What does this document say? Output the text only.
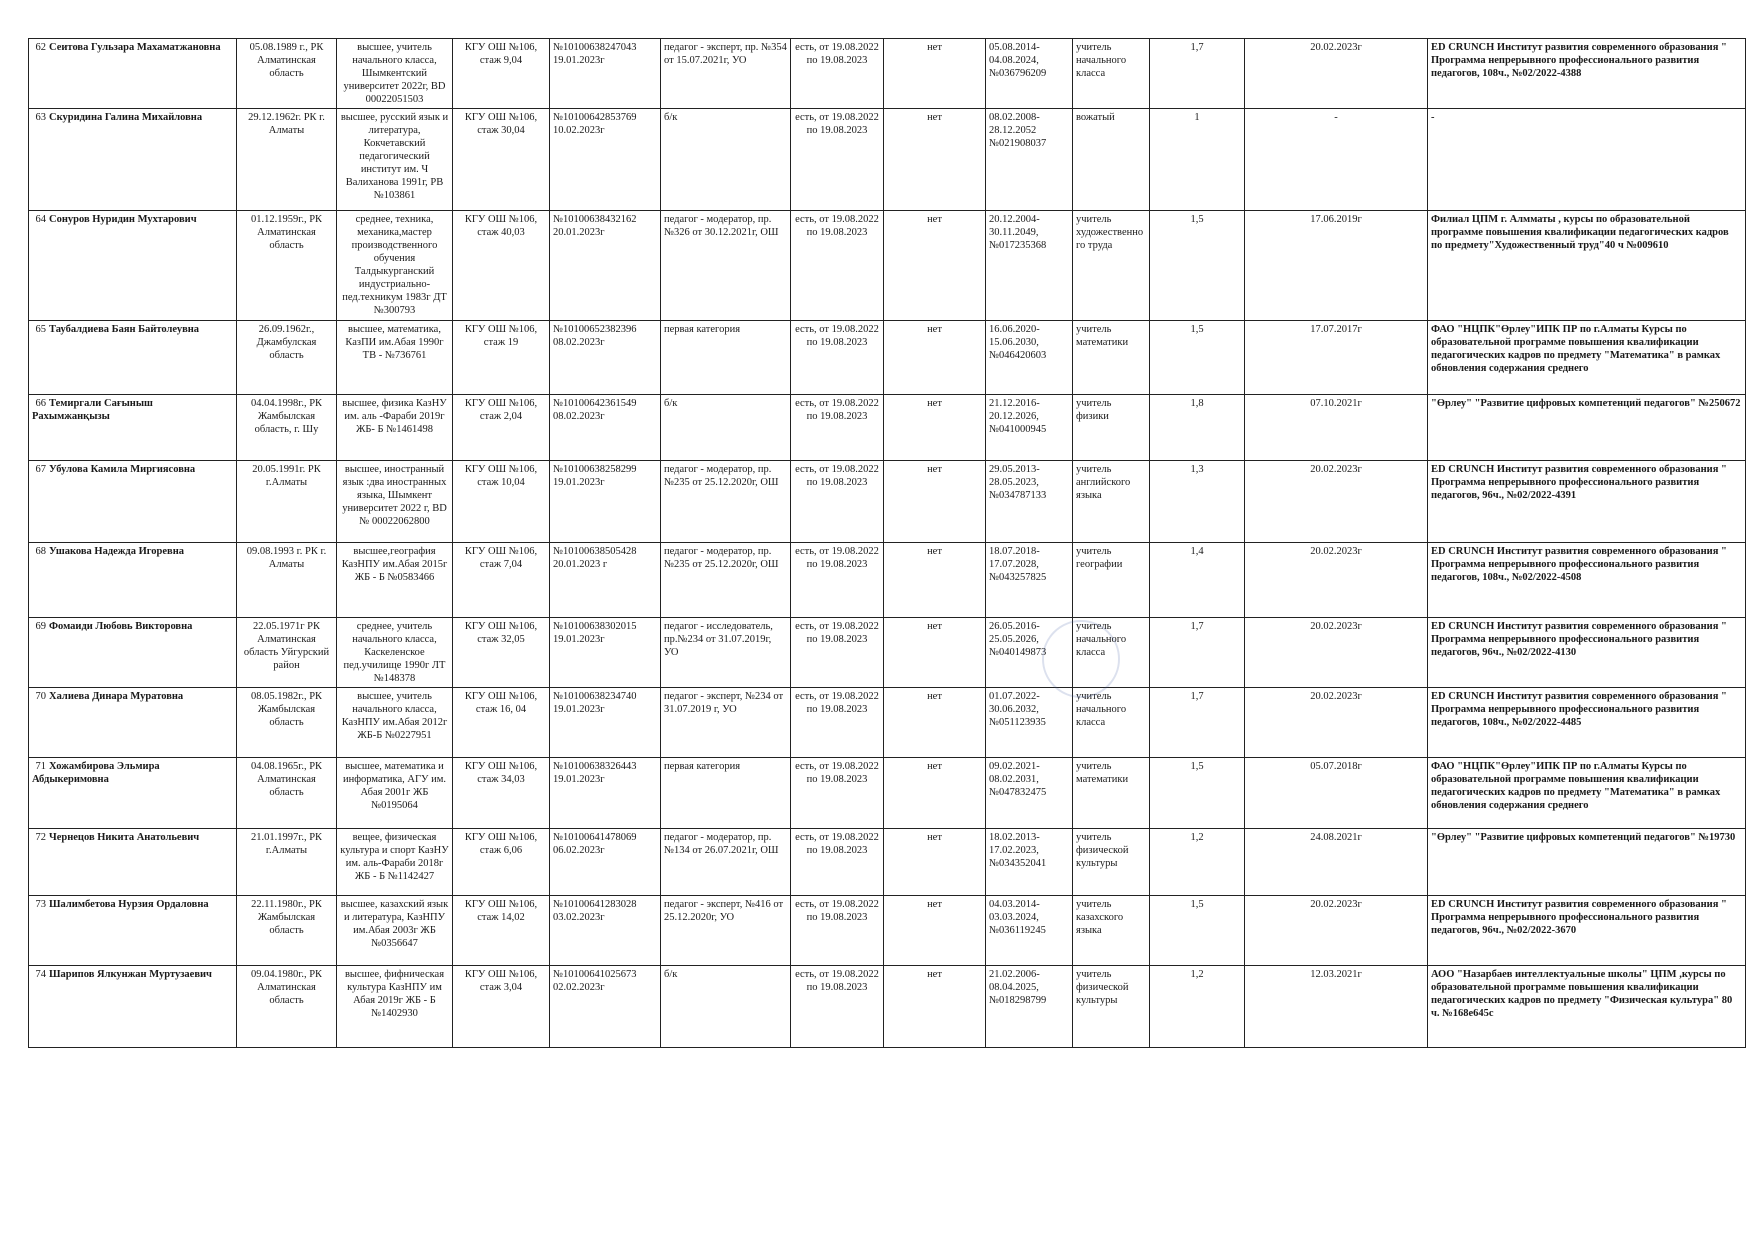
62 Сеитова Гульзара Махаматжановна	05.08.1989 г., РК Алматинская область	высшее, учитель начального класса, Шымкентский университет 2022г, BD 00022051503	КГУ ОШ №106, стаж 9,04	№10100638247043 19.01.2023г	педагог - эксперт, пр. №354 от 15.07.2021г, УО	есть, от 19.08.2022 по 19.08.2023	нет	05.08.2014-04.08.2024, №036796209	учитель начального класса	1,7	20.02.2023г	ED CRUNCH Институт развития современного образования " Программа непрерывного профессионального развития педагогов, 108ч., №02/2022-4388
63 Скуридина Галина Михайловна	29.12.1962г. РК г. Алматы	высшее, русский язык и литература, Кокчетавский педагогический институт им. Ч Валиханова 1991г, РВ №103861	КГУ ОШ №106, стаж 30,04	№10100642853769 10.02.2023г	б/к	есть, от 19.08.2022 по 19.08.2023	нет	08.02.2008-28.12.2052 №021908037	вожатый	1	-	-
64 Сонуров Нуридин Мухтарович	01.12.1959г., РК Алматинская область	среднее, техника, механика,мастер производственного обучения Талдыкурганский индустриально-пед.техникум 1983г ДТ №300793	КГУ ОШ №106, стаж 40,03	№10100638432162 20.01.2023г	педагог - модератор, пр. №326 от 30.12.2021г, ОШ	есть, от 19.08.2022 по 19.08.2023	нет	20.12.2004-30.11.2049, №017235368	учитель художественного труда	1,5	17.06.2019г	Филиал ЦПМ г. Алмматы , курсы по образовательной программе повышения квалификации педагогических кадров по предмету"Художественный труд"40 ч №009610
65 Таубалдиева Баян Байтолеувна	26.09.1962г., Джамбулская область	высшее, математика, КазПИ им.Абая 1990г ТВ - №736761	КГУ ОШ №106, стаж 19	№10100652382396 08.02.2023г	первая категория	есть, от 19.08.2022 по 19.08.2023	нет	16.06.2020-15.06.2030, №046420603	учитель математики	1,5	17.07.2017г	ФАО "НЦПК"Өрлеу"ИПК ПР по г.Алматы Курсы по образовательной программе повышения квалификации педагогических кадров по предмету "Математика" в рамках обновления содержания среднего
66 Темиргали Сағыныш Рахымжанқызы	04.04.1998г., РК Жамбылская область, г. Шу	высшее, физика КазНУ им. аль -Фараби 2019г ЖБ- Б №1461498	КГУ ОШ №106, стаж 2,04	№10100642361549 08.02.2023г	б/к	есть, от 19.08.2022 по 19.08.2023	нет	21.12.2016-20.12.2026, №041000945	учитель физики	1,8	07.10.2021г	"Өрлеу" "Развитие цифровых компетенций педагогов" №250672
67 Убулова Камила Миргиясовна	20.05.1991г. РК г.Алматы	высшее, иностранный язык :два иностранных языка, Шымкент университет 2022 г, BD № 00022062800	КГУ ОШ №106, стаж 10,04	№10100638258299 19.01.2023г	педагог - модератор, пр. №235 от 25.12.2020г, ОШ	есть, от 19.08.2022 по 19.08.2023	нет	29.05.2013-28.05.2023, №034787133	учитель английского языка	1,3	20.02.2023г	ED CRUNCH Институт развития современного образования " Программа непрерывного профессионального развития педагогов, 96ч., №02/2022-4391
68 Ушакова Надежда Игоревна	09.08.1993 г. РК г. Алматы	высшее,география КазНПУ им.Абая 2015г ЖБ - Б №0583466	КГУ ОШ №106, стаж 7,04	№10100638505428 20.01.2023 г	педагог - модератор, пр. №235 от 25.12.2020г, ОШ	есть, от 19.08.2022 по 19.08.2023	нет	18.07.2018-17.07.2028, №043257825	учитель географии	1,4	20.02.2023г	ED CRUNCH Институт развития современного образования " Программа непрерывного профессионального развития педагогов, 108ч., №02/2022-4508
69 Фомаиди Любовь Викторовна	22.05.1971г РК Алматинская область Уйгурский район	среднее, учитель начального класса, Каскеленское пед.училище 1990г ЛТ №148378	КГУ ОШ №106, стаж 32,05	№10100638302015 19.01.2023г	педагог - исследователь, пр.№234 от 31.07.2019г, УО	есть, от 19.08.2022 по 19.08.2023	нет	26.05.2016-25.05.2026, №040149873	учитель начального класса	1,7	20.02.2023г	ED CRUNCH Институт развития современного образования " Программа непрерывного профессионального развития педагогов, 96ч., №02/2022-4130
70 Халиева Динара Муратовна	08.05.1982г., РК Жамбылская область	высшее, учитель начального класса, КазНПУ им.Абая 2012г ЖБ-Б №0227951	КГУ ОШ №106, стаж 16, 04	№10100638234740 19.01.2023г	педагог - эксперт, №234 от 31.07.2019 г, УО	есть, от 19.08.2022 по 19.08.2023	нет	01.07.2022-30.06.2032, №051123935	учитель начального класса	1,7	20.02.2023г	ED CRUNCH Институт развития современного образования " Программа непрерывного профессионального развития педагогов, 108ч., №02/2022-4485
71 Хожамбирова Эльмира Абдыкеримовна	04.08.1965г., РК Алматинская область	высшее, математика и информатика, АГУ им. Абая 2001г ЖБ №0195064	КГУ ОШ №106, стаж 34,03	№10100638326443 19.01.2023г	первая категория	есть, от 19.08.2022 по 19.08.2023	нет	09.02.2021-08.02.2031, №047832475	учитель математики	1,5	05.07.2018г	ФАО "НЦПК"Өрлеу"ИПК ПР по г.Алматы Курсы по образовательной программе повышения квалификации педагогических кадров по предмету "Математика" в рамках обновления содержания среднего
72 Чернецов Никита Анатольевич	21.01.1997г., РК г.Алматы	вещее, физическая культура и спорт КазНУ им. аль-Фараби 2018г ЖБ - Б №1142427	КГУ ОШ №106, стаж 6,06	№10100641478069 06.02.2023г	педагог - модератор, пр. №134 от 26.07.2021г, ОШ	есть, от 19.08.2022 по 19.08.2023	нет	18.02.2013-17.02.2023, №034352041	учитель физической культуры	1,2	24.08.2021г	"Өрлеу" "Развитие цифровых компетенций педагогов" №19730
73 Шалимбетова Нурзия Ордаловна	22.11.1980г., РК Жамбылская область	высшее, казахский язык и литература, КазНПУ им.Абая 2003г ЖБ №0356647	КГУ ОШ №106, стаж 14,02	№10100641283028 03.02.2023г	педагог - эксперт, №416 от 25.12.2020г, УО	есть, от 19.08.2022 по 19.08.2023	нет	04.03.2014-03.03.2024, №036119245	учитель казахского языка	1,5	20.02.2023г	ED CRUNCH Институт развития современного образования " Программа непрерывного профессионального развития педагогов, 96ч., №02/2022-3670
74 Шарипов Ялкунжан Муртузаевич	09.04.1980г., РК Алматинская область	высшее, фифническая культура КазНПУ им Абая 2019г ЖБ - Б №1402930	КГУ ОШ №106, стаж 3,04	№10100641025673 02.02.2023г	б/к	есть, от 19.08.2022 по 19.08.2023	нет	21.02.2006-08.04.2025, №018298799	учитель физической культуры	1,2	12.03.2021г	АОО "Назарбаев интеллектуальные школы" ЦПМ ,курсы по образовательной программе повышения квалификации педагогических кадров по предмету "Физическая культура" 80 ч. №168е645с
